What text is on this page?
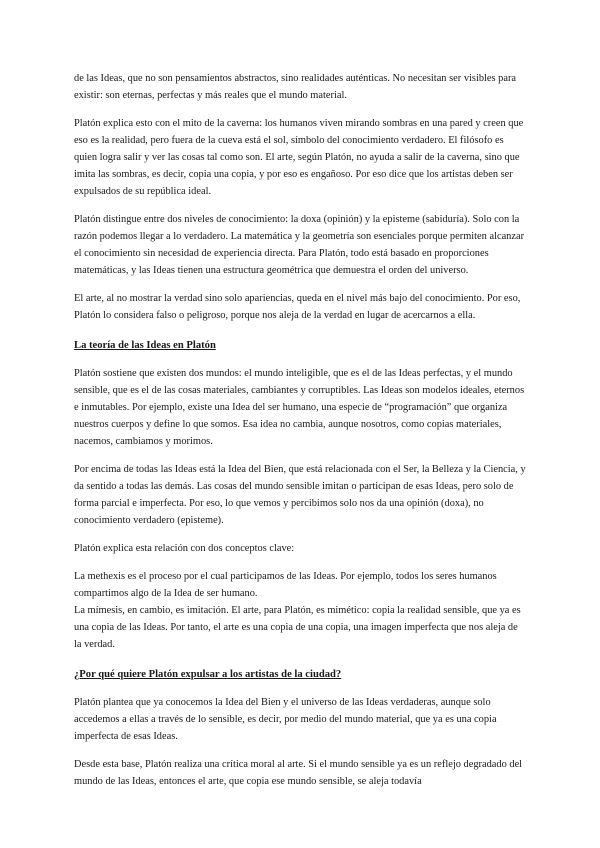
de las Ideas, que no son pensamientos abstractos, sino realidades auténticas. No necesitan ser visibles para existir: son eternas, perfectas y más reales que el mundo material.

Platón explica esto con el mito de la caverna: los humanos viven mirando sombras en una pared y creen que eso es la realidad, pero fuera de la cueva está el sol, símbolo del conocimiento verdadero. El filósofo es quien logra salir y ver las cosas tal como son. El arte, según Platón, no ayuda a salir de la caverna, sino que imita las sombras, es decir, copia una copia, y por eso es engañoso. Por eso dice que los artistas deben ser expulsados de su república ideal.

Platón distingue entre dos niveles de conocimiento: la doxa (opinión) y la episteme (sabiduría). Solo con la razón podemos llegar a lo verdadero. La matemática y la geometría son esenciales porque permiten alcanzar el conocimiento sin necesidad de experiencia directa. Para Platón, todo está basado en proporciones matemáticas, y las Ideas tienen una estructura geométrica que demuestra el orden del universo.

El arte, al no mostrar la verdad sino solo apariencias, queda en el nivel más bajo del conocimiento. Por eso, Platón lo considera falso o peligroso, porque nos aleja de la verdad en lugar de acercarnos a ella.

La teoría de las Ideas en Platón

Platón sostiene que existen dos mundos: el mundo inteligible, que es el de las Ideas perfectas, y el mundo sensible, que es el de las cosas materiales, cambiantes y corruptibles. Las Ideas son modelos ideales, eternos e inmutables. Por ejemplo, existe una Idea del ser humano, una especie de “programación” que organiza nuestros cuerpos y define lo que somos. Esa idea no cambia, aunque nosotros, como copias materiales, nacemos, cambiamos y morimos.

Por encima de todas las Ideas está la Idea del Bien, que está relacionada con el Ser, la Belleza y la Ciencia, y da sentido a todas las demás. Las cosas del mundo sensible imitan o participan de esas Ideas, pero solo de forma parcial e imperfecta. Por eso, lo que vemos y percibimos solo nos da una opinión (doxa), no conocimiento verdadero (episteme).

Platón explica esta relación con dos conceptos clave:

La methexis es el proceso por el cual participamos de las Ideas. Por ejemplo, todos los seres humanos compartimos algo de la Idea de ser humano.

La mímesis, en cambio, es imitación. El arte, para Platón, es mimético: copia la realidad sensible, que ya es una copia de las Ideas. Por tanto, el arte es una copia de una copia, una imagen imperfecta que nos aleja de la verdad.

¿Por qué quiere Platón expulsar a los artistas de la ciudad?

Platón plantea que ya conocemos la Idea del Bien y el universo de las Ideas verdaderas, aunque solo accedemos a ellas a través de lo sensible, es decir, por medio del mundo material, que ya es una copia imperfecta de esas Ideas.

Desde esta base, Platón realiza una crítica moral al arte. Si el mundo sensible ya es un reflejo degradado del mundo de las Ideas, entonces el arte, que copia ese mundo sensible, se aleja todavía
